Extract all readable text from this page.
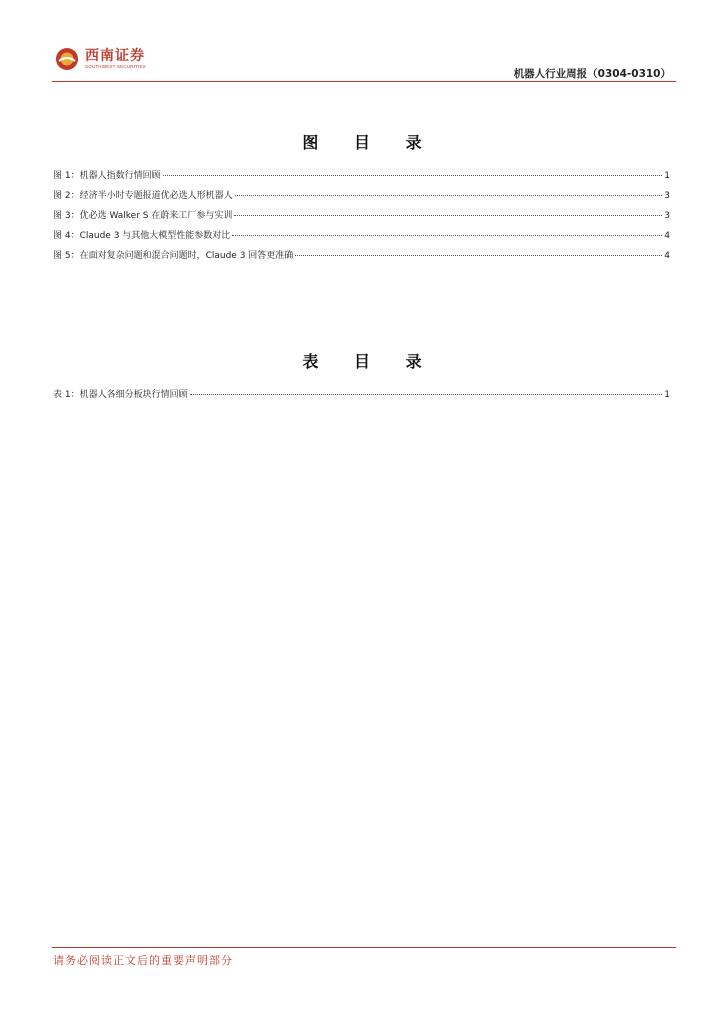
西南证券
SOUTHWEST SECURITIES
机器人行业周报（0304-0310）
图 目 录
图 1：机器人指数行情回顾	1
图 2：经济半小时专题报道优必选人形机器人	3
图 3：优必选 Walker S 在蔚来工厂参与实训	3
图 4：Claude 3 与其他大模型性能参数对比	4
图 5：在面对复杂问题和混合问题时，Claude 3 回答更准确	4
表 目 录
表 1：机器人各细分板块行情回顾	1
请务必阅读正文后的重要声明部分
